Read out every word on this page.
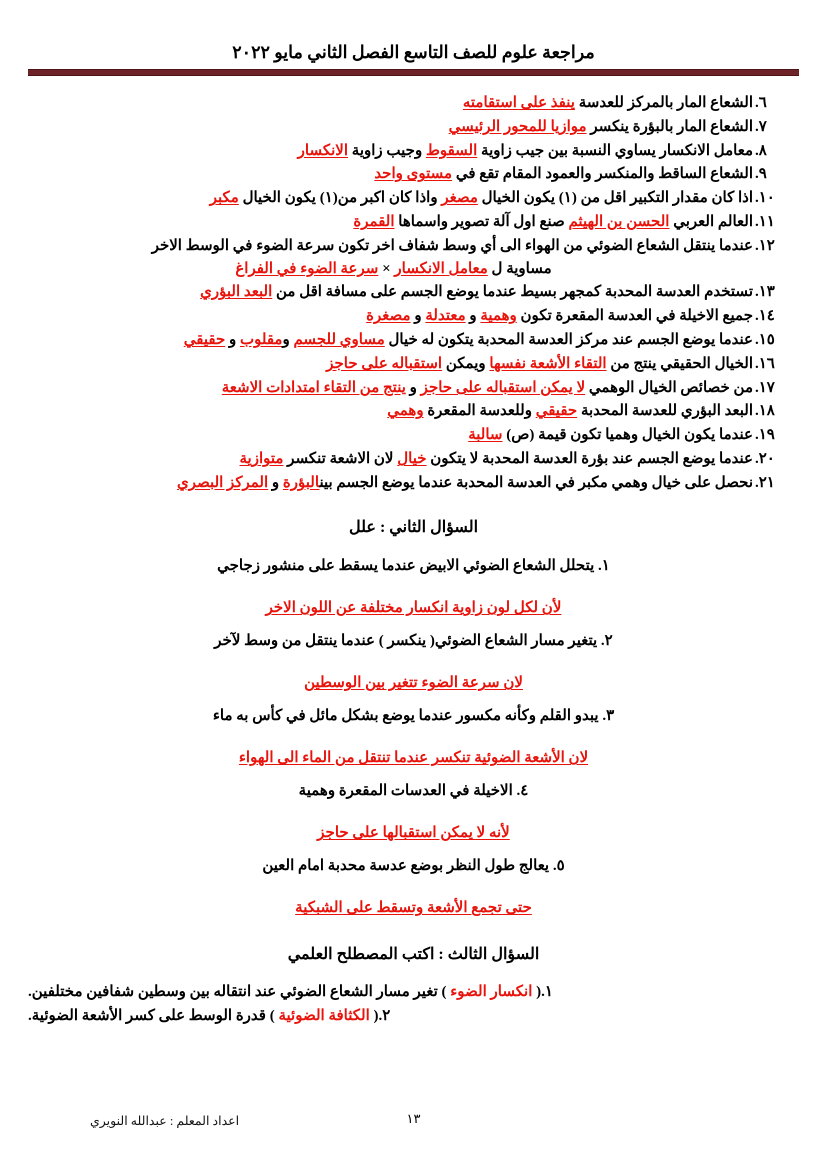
مراجعة علوم للصف التاسع الفصل الثاني مايو ٢٠٢٢
٦.
الشعاع المار بالمركز للعدسة ينفذ على استقامته
٧.
الشعاع المار بالبؤرة ينكسر موازيا للمحور الرئيسي
٨.
معامل الانكسار يساوي النسبة بين جيب زاوية السقوط وجيب زاوية الانكسار
٩.
الشعاع الساقط والمنكسر والعمود المقام تقع في مستوى واحد
١٠.
اذا كان مقدار التكبير اقل من (١) يكون الخيال مصغر واذا كان اكبر من(١) يكون الخيال مكبر
١١.
العالم العربي الحسن بن الهيثم صنع اول آلة تصوير واسماها القمرة
١٢.
عندما ينتقل الشعاع الضوئي من الهواء الى أي وسط شفاف اخر تكون سرعة الضوء في الوسط الاخر
مساوية ل معامل الانكسار × سرعة الضوء في الفراغ
١٣.
تستخدم العدسة المحدبة كمجهر بسيط عندما يوضع الجسم على مسافة اقل من البعد البؤري
١٤.
جميع الاخيلة في العدسة المقعرة تكون وهمية و معتدلة و مصغرة
١٥.
عندما يوضع الجسم عند مركز العدسة المحدبة يتكون له خيال مساوي للجسم ومقلوب و حقيقي
١٦.
الخيال الحقيقي ينتج من التقاء الأشعة نفسها ويمكن استقباله على حاجز
١٧.
من خصائص الخيال الوهمي لا يمكن استقباله على حاجز و ينتج من التقاء امتدادات الاشعة
١٨.
البعد البؤري للعدسة المحدبة حقيقي وللعدسة المقعرة وهمي
١٩.
عندما يكون الخيال وهميا تكون قيمة (ص) سالبة
٢٠.
عندما يوضع الجسم عند بؤرة العدسة المحدبة لا يتكون خيال لان الاشعة تنكسر متوازية
٢١.
نحصل على خيال وهمي مكبر في العدسة المحدبة عندما يوضع الجسم بينالبؤرة و المركز البصري
السؤال الثاني : علل
١. يتحلل الشعاع الضوئي الابيض عندما يسقط على منشور زجاجي
لأن لكل لون زاوية انكسار مختلفة عن اللون الاخر
٢. يتغير مسار الشعاع الضوئي( ينكسر ) عندما ينتقل من وسط لآخر
لان سرعة الضوء تتغير بين الوسطين
٣. يبدو القلم وكأنه مكسور عندما يوضع بشكل مائل في كأس به ماء
لان الأشعة الضوئية تنكسر عندما تنتقل من الماء الى الهواء
٤. الاخيلة في العدسات المقعرة وهمية
لأنه لا يمكن استقبالها على حاجز
٥. يعالج طول النظر بوضع عدسة محدبة امام العين
حتى تجمع الأشعة وتسقط على الشبكية
السؤال الثالث : اكتب المصطلح العلمي
١.
( انكسار الضوء ) تغير مسار الشعاع الضوئي عند انتقاله بين وسطين شفافين مختلفين.
٢.
( الكثافة الضوئية ) قدرة الوسط على كسر الأشعة الضوئية.
١٣
اعداد المعلم : عبدالله النويري
